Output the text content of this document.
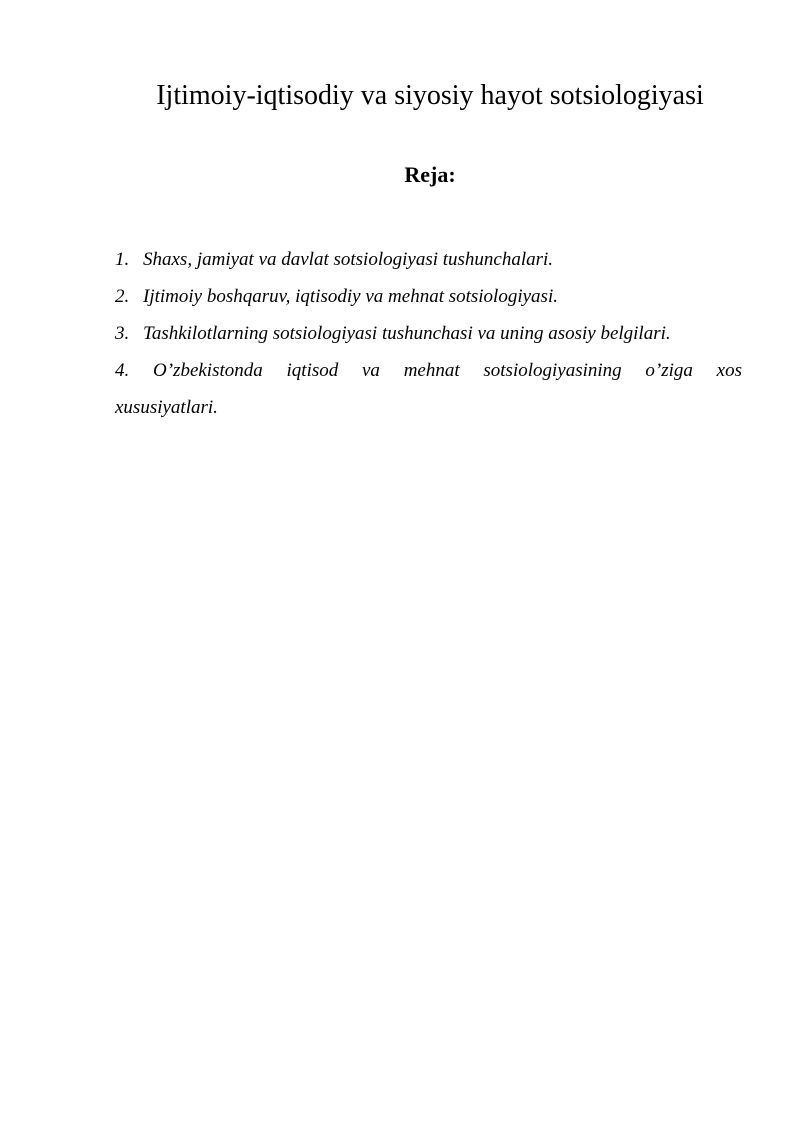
Ijtimoiy-iqtisodiy va siyosiy hayot sotsiologiyasi
Reja:
1. Shaxs, jamiyat va davlat sotsiologiyasi tushunchalari.
2. Ijtimoiy boshqaruv, iqtisodiy va mehnat sotsiologiyasi.
3. Tashkilotlarning sotsiologiyasi tushunchasi va uning asosiy belgilari.
4. O’zbekistonda iqtisod va mehnat sotsiologiyasining o’ziga xos
xususiyatlari.
